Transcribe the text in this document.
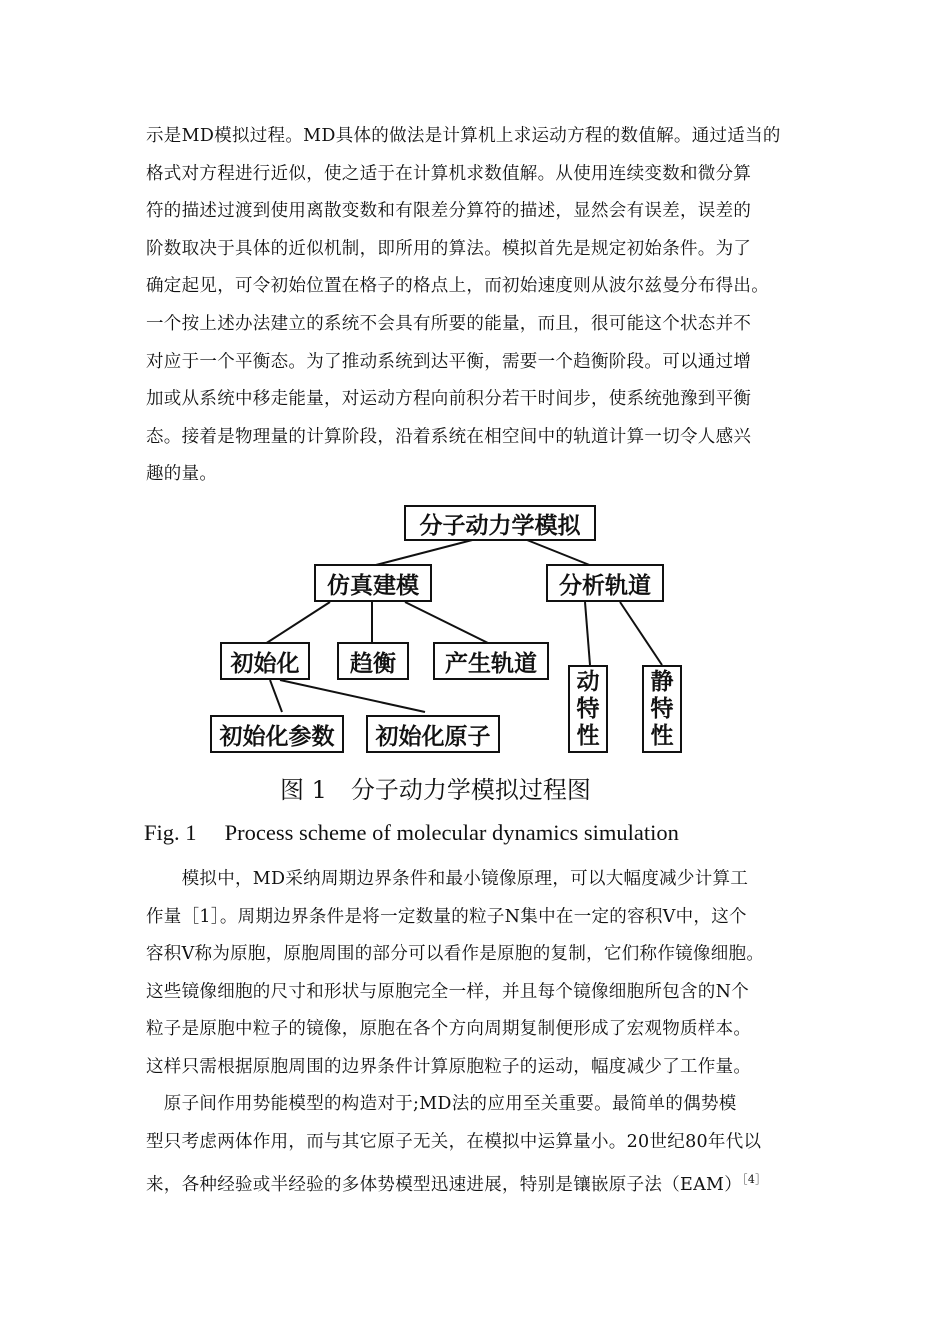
示是MD模拟过程。MD具体的做法是计算机上求运动方程的数值解。通过适当的
格式对方程进行近似，使之适于在计算机求数值解。从使用连续变数和微分算
符的描述过渡到使用离散变数和有限差分算符的描述，显然会有误差，误差的
阶数取决于具体的近似机制，即所用的算法。模拟首先是规定初始条件。为了
确定起见，可令初始位置在格子的格点上，而初始速度则从波尔兹曼分布得出。
一个按上述办法建立的系统不会具有所要的能量，而且，很可能这个状态并不
对应于一个平衡态。为了推动系统到达平衡，需要一个趋衡阶段。可以通过增
加或从系统中移走能量，对运动方程向前积分若干时间步，使系统弛豫到平衡
态。接着是物理量的计算阶段，沿着系统在相空间中的轨道计算一切令人感兴
趣的量。

分子动力学模拟
仿真建模	分析轨道
初始化 趋衡 产生轨道
初始化参数 初始化原子
动
特
性
静
特
性
图 1　分子动力学模拟过程图
Fig. 1　 Process scheme of molecular dynamics simulation

　　模拟中，MD采纳周期边界条件和最小镜像原理，可以大幅度减少计算工
作量［1］。周期边界条件是将一定数量的粒子N集中在一定的容积V中，这个
容积V称为原胞，原胞周围的部分可以看作是原胞的复制，它们称作镜像细胞。
这些镜像细胞的尺寸和形状与原胞完全一样，并且每个镜像细胞所包含的N个
粒子是原胞中粒子的镜像，原胞在各个方向周期复制便形成了宏观物质样本。
这样只需根据原胞周围的边界条件计算原胞粒子的运动，幅度减少了工作量。

　原子间作用势能模型的构造对于;MD法的应用至关重要。最简单的偶势模
型只考虑两体作用，而与其它原子无关，在模拟中运算量小。20世纪80年代以
来，各种经验或半经验的多体势模型迅速进展，特别是镶嵌原子法（EAM）$^{[4]}$
